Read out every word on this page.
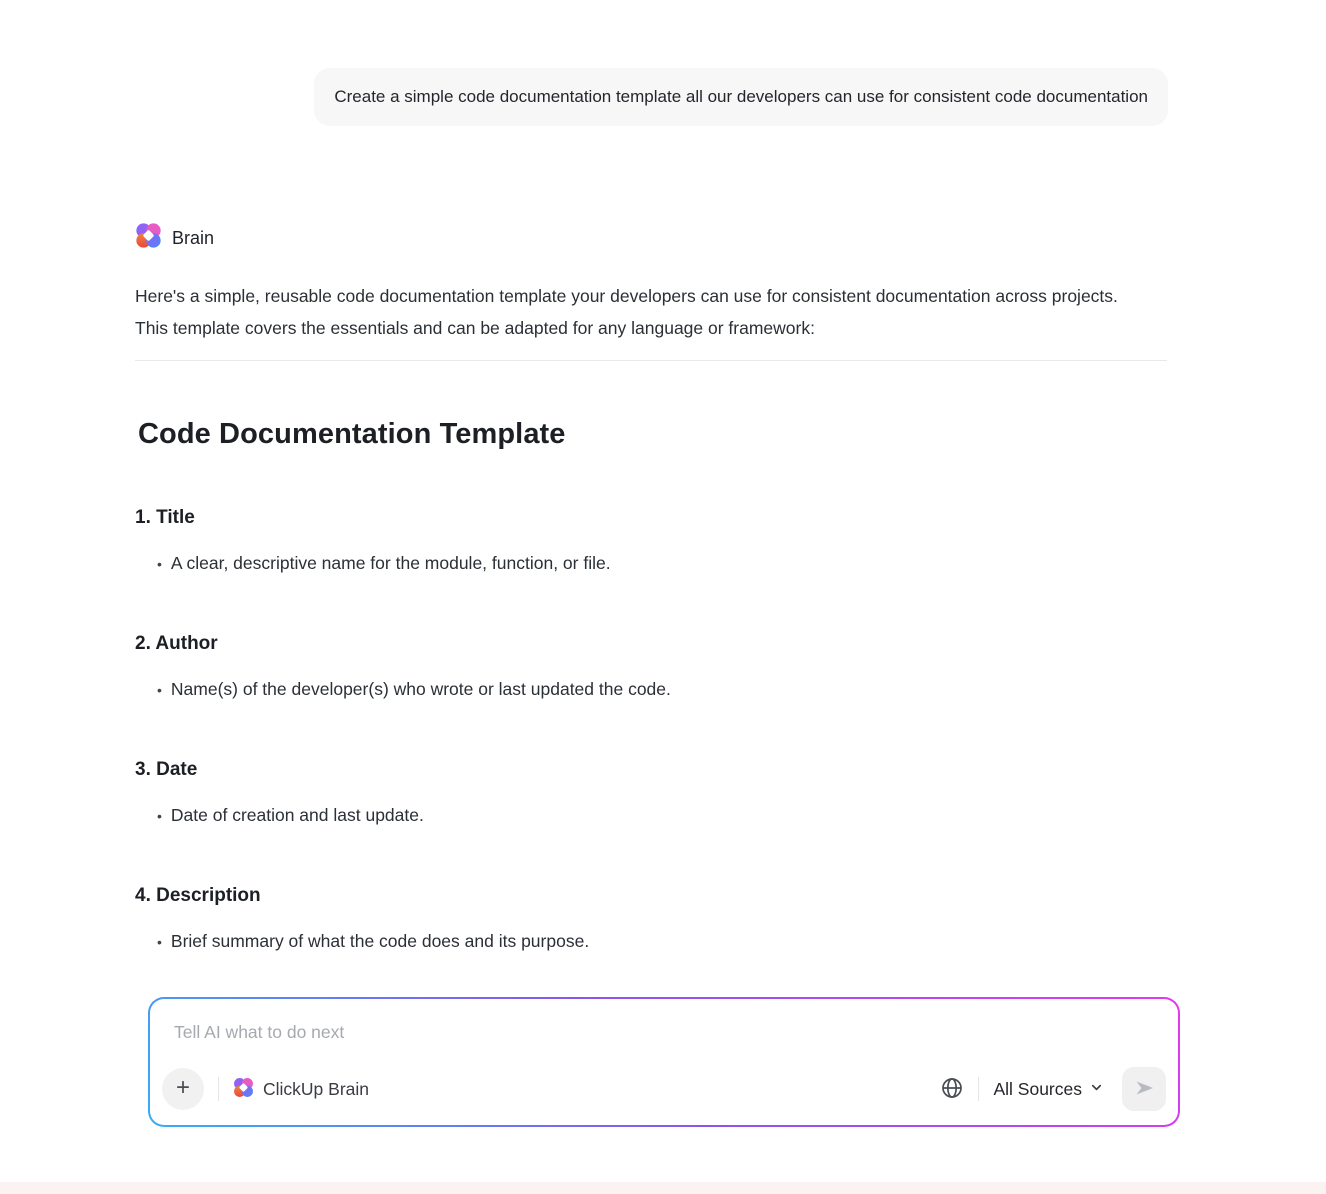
Create a simple code documentation template all our developers can use for consistent code documentation
Brain

Here's a simple, reusable code documentation template your developers can use for consistent documentation across projects. This template covers the essentials and can be adapted for any language or framework:

Code Documentation Template
1. Title
• A clear, descriptive name for the module, function, or file.
2. Author
• Name(s) of the developer(s) who wrote or last updated the code.
3. Date
• Date of creation and last update.
4. Description
• Brief summary of what the code does and its purpose.
Tell AI what to do next
+	ClickUp Brain	All Sources
